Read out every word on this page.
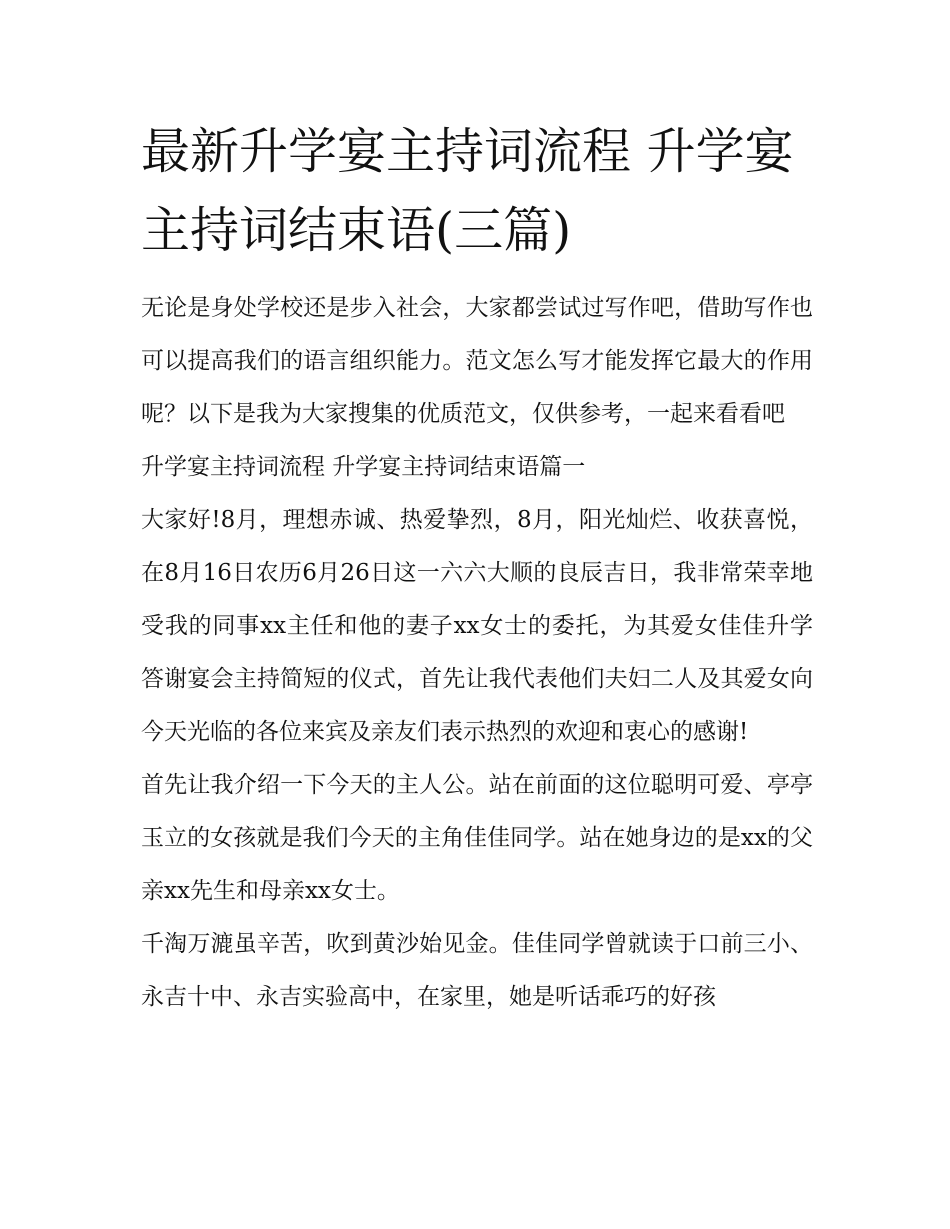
最新升学宴主持词流程 升学宴主持词结束语(三篇)

无论是身处学校还是步入社会，大家都尝试过写作吧，借助写作也可以提高我们的语言组织能力。范文怎么写才能发挥它最大的作用呢？以下是我为大家搜集的优质范文，仅供参考，一起来看看吧

升学宴主持词流程 升学宴主持词结束语篇一

大家好!8月，理想赤诚、热爱挚烈，8月，阳光灿烂、收获喜悦，在8月16日农历6月26日这一六六大顺的良辰吉日，我非常荣幸地受我的同事xx主任和他的妻子xx女士的委托，为其爱女佳佳升学答谢宴会主持简短的仪式，首先让我代表他们夫妇二人及其爱女向今天光临的各位来宾及亲友们表示热烈的欢迎和衷心的感谢!

首先让我介绍一下今天的主人公。站在前面的这位聪明可爱、亭亭玉立的女孩就是我们今天的主角佳佳同学。站在她身边的是xx的父亲xx先生和母亲xx女士。

千淘万漉虽辛苦，吹到黄沙始见金。佳佳同学曾就读于口前三小、永吉十中、永吉实验高中，在家里，她是听话乖巧的好孩
